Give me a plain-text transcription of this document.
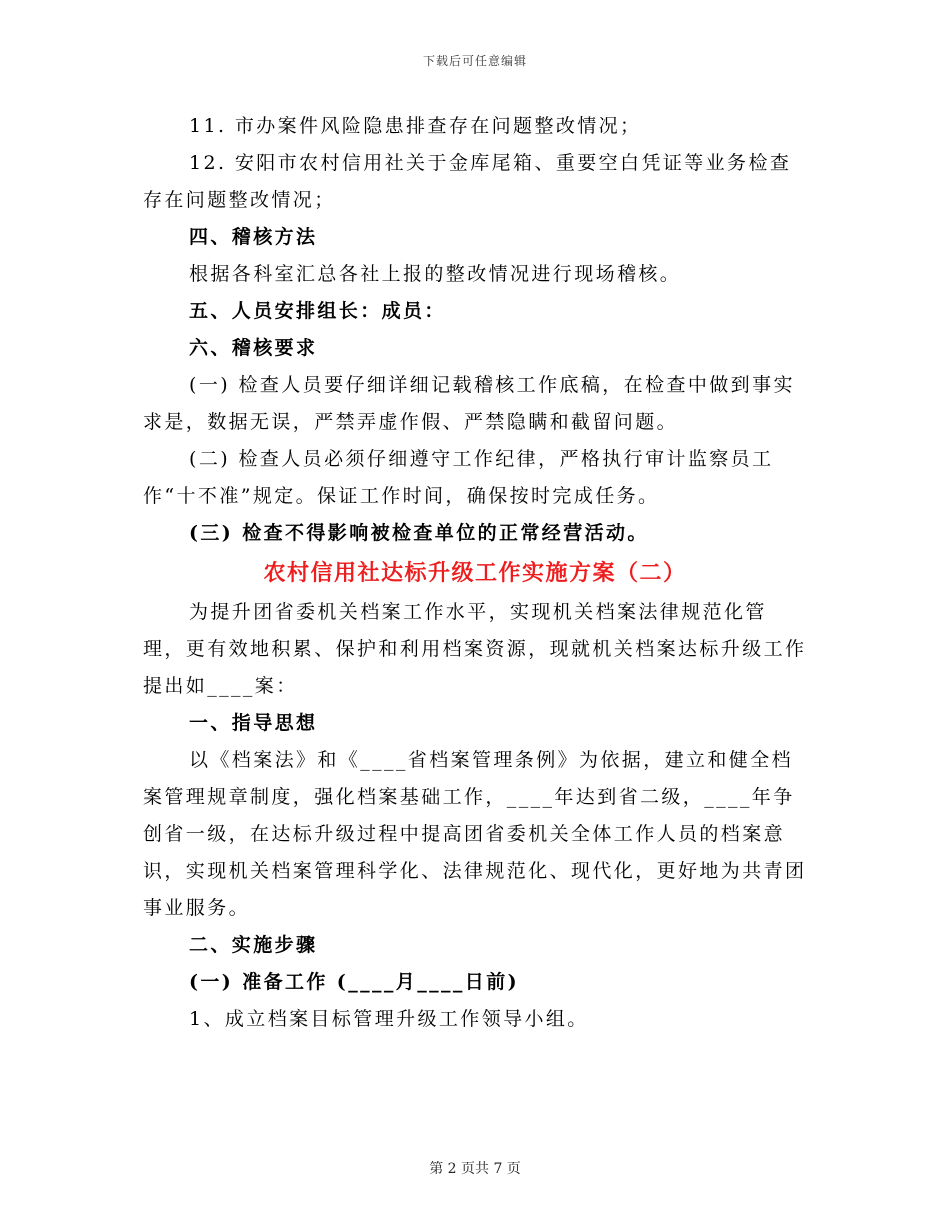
下载后可任意编辑

11. 市办案件风险隐患排查存在问题整改情况；

12. 安阳市农村信用社关于金库尾箱、重要空白凭证等业务检查存在问题整改情况；

四、稽核方法

根据各科室汇总各社上报的整改情况进行现场稽核。

五、人员安排组长：成员：

六、稽核要求

(一) 检查人员要仔细详细记载稽核工作底稿，在检查中做到事实求是，数据无误，严禁弄虚作假、严禁隐瞒和截留问题。

(二) 检查人员必须仔细遵守工作纪律，严格执行审计监察员工作“十不准”规定。保证工作时间，确保按时完成任务。

(三) 检查不得影响被检查单位的正常经营活动。

农村信用社达标升级工作实施方案（二）

为提升团省委机关档案工作水平，实现机关档案法律规范化管理，更有效地积累、保护和利用档案资源，现就机关档案达标升级工作提出如____案：

一、指导思想

以《档案法》和《____省档案管理条例》为依据，建立和健全档案管理规章制度，强化档案基础工作，____年达到省二级，____年争创省一级，在达标升级过程中提高团省委机关全体工作人员的档案意识，实现机关档案管理科学化、法律规范化、现代化，更好地为共青团事业服务。

二、实施步骤

(一) 准备工作 (____月____日前)

1、成立档案目标管理升级工作领导小组。

第 2 页共 7 页
